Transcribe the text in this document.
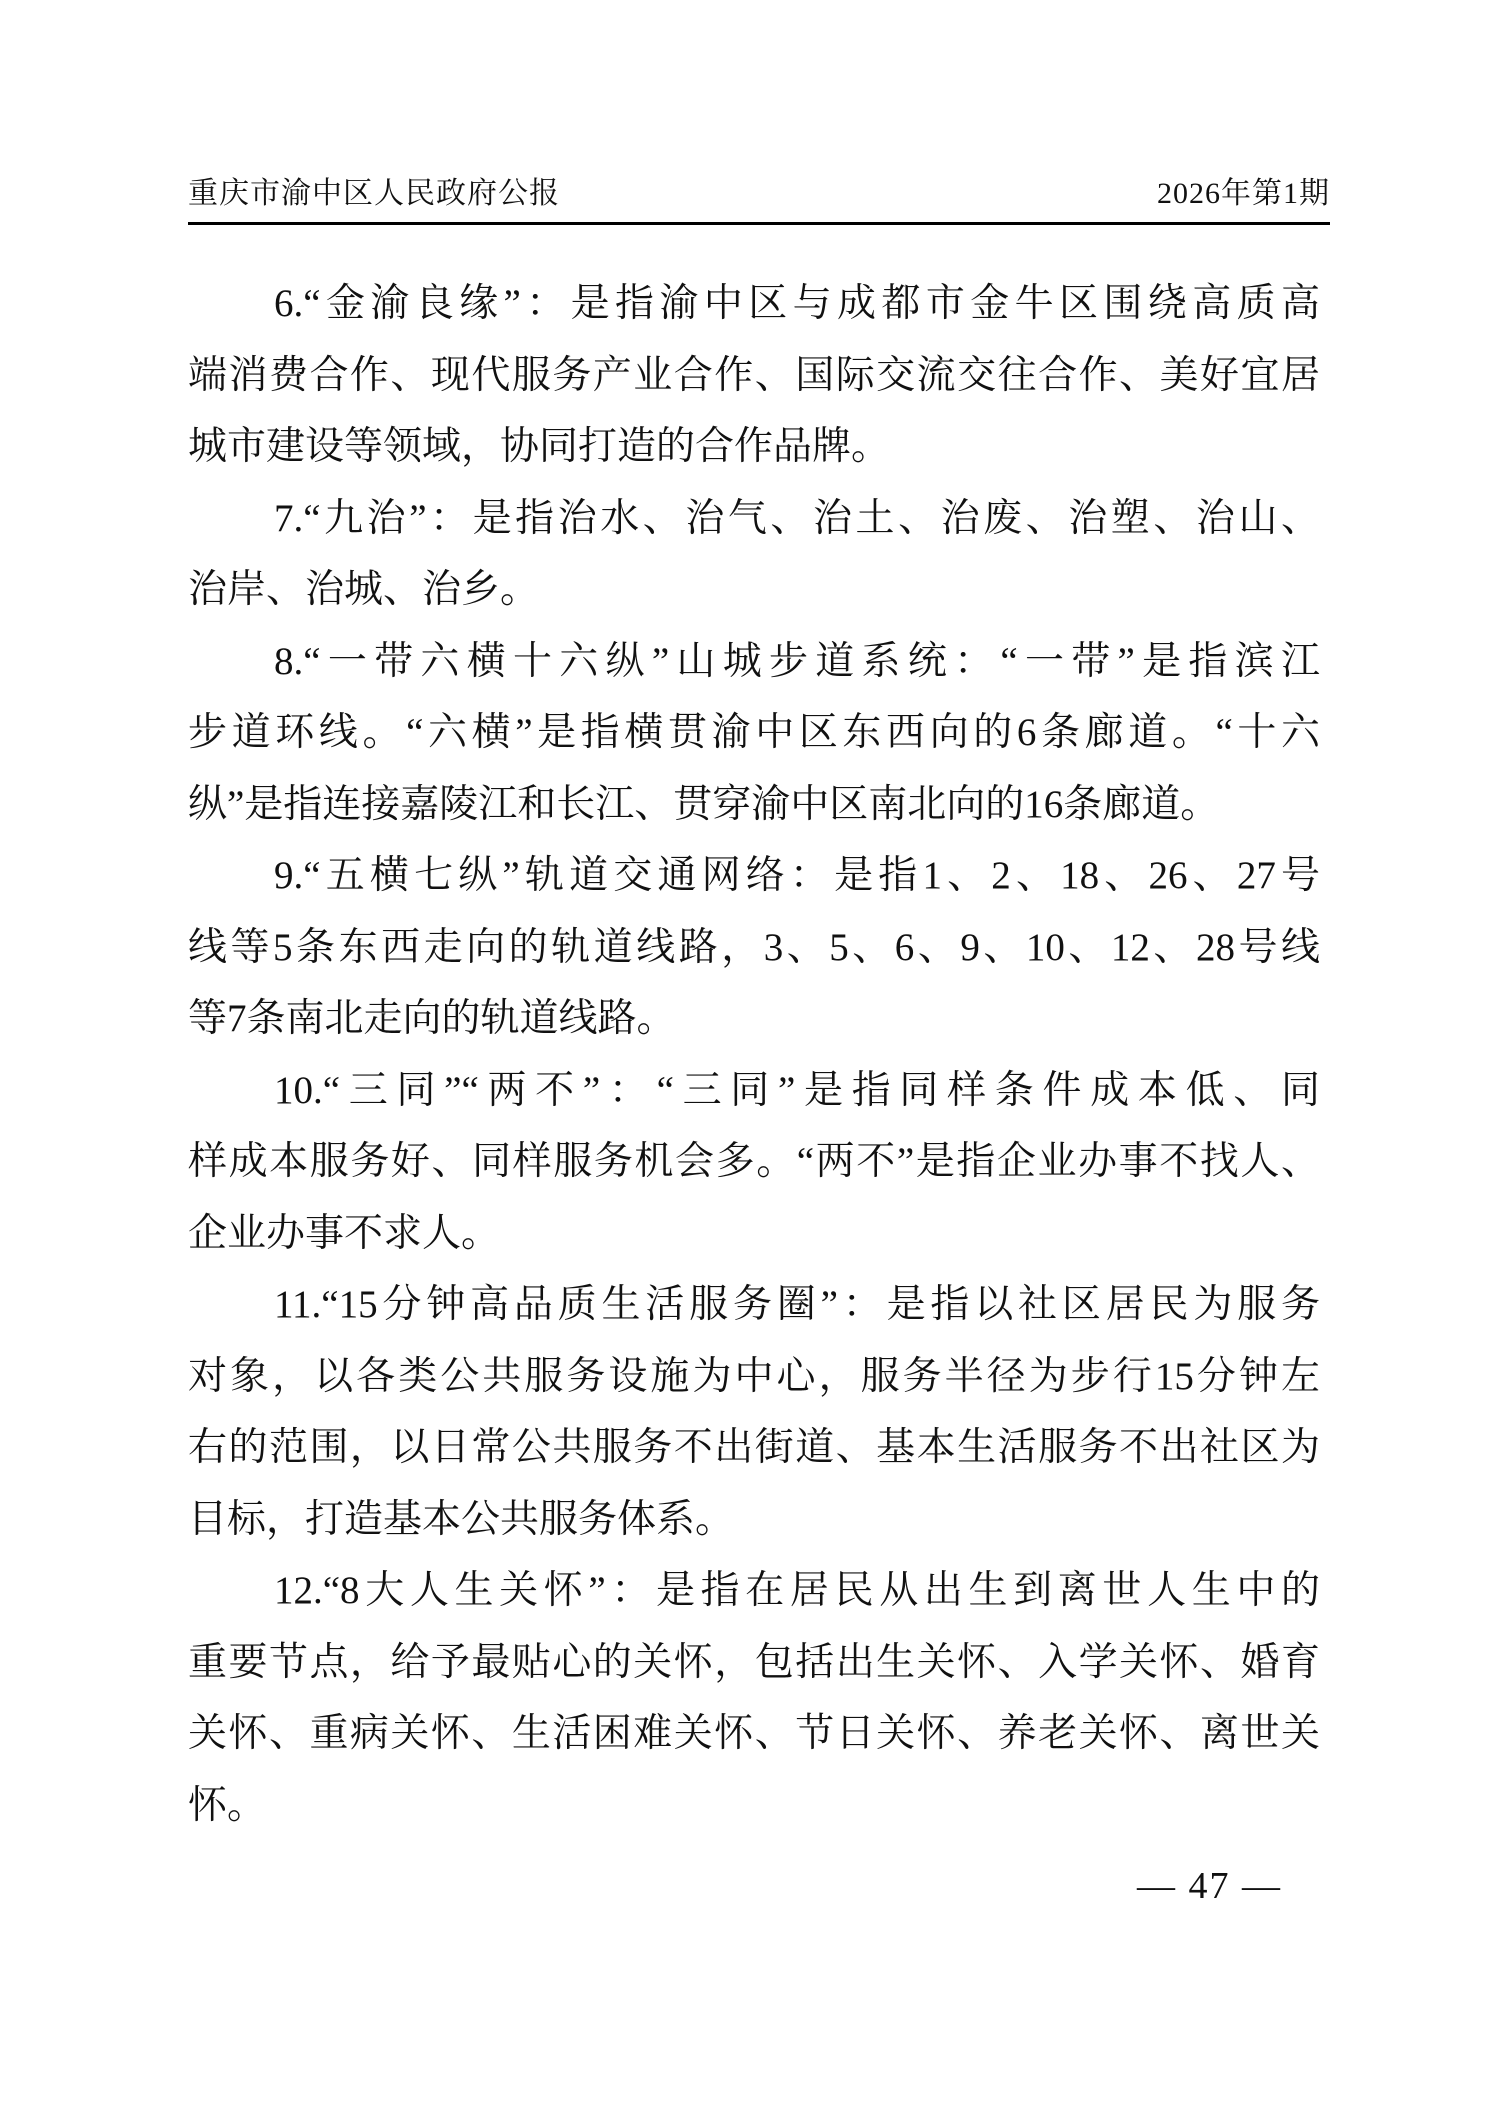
重庆市渝中区人民政府公报	2026年第1期

6.“金渝良缘”：是指渝中区与成都市金牛区围绕高质高
端消费合作、现代服务产业合作、国际交流交往合作、美好宜居
城市建设等领域，协同打造的合作品牌。

7.“九治”：是指治水、治气、治土、治废、治塑、治山、
治岸、治城、治乡。

8.“一带六横十六纵”山城步道系统：“一带”是指滨江
步道环线。“六横”是指横贯渝中区东西向的6条廊道。“十六
纵”是指连接嘉陵江和长江、贯穿渝中区南北向的16条廊道。

9.“五横七纵”轨道交通网络：是指1、2、18、26、27号
线等5条东西走向的轨道线路，3、5、6、9、10、12、28号线
等7条南北走向的轨道线路。

10.“三同”“两不”：“三同”是指同样条件成本低、同
样成本服务好、同样服务机会多。“两不”是指企业办事不找人、
企业办事不求人。

11.“15分钟高品质生活服务圈”：是指以社区居民为服务
对象，以各类公共服务设施为中心，服务半径为步行15分钟左
右的范围，以日常公共服务不出街道、基本生活服务不出社区为
目标，打造基本公共服务体系。

12.“8大人生关怀”：是指在居民从出生到离世人生中的
重要节点，给予最贴心的关怀，包括出生关怀、入学关怀、婚育
关怀、重病关怀、生活困难关怀、节日关怀、养老关怀、离世关
怀。

— 47 —
